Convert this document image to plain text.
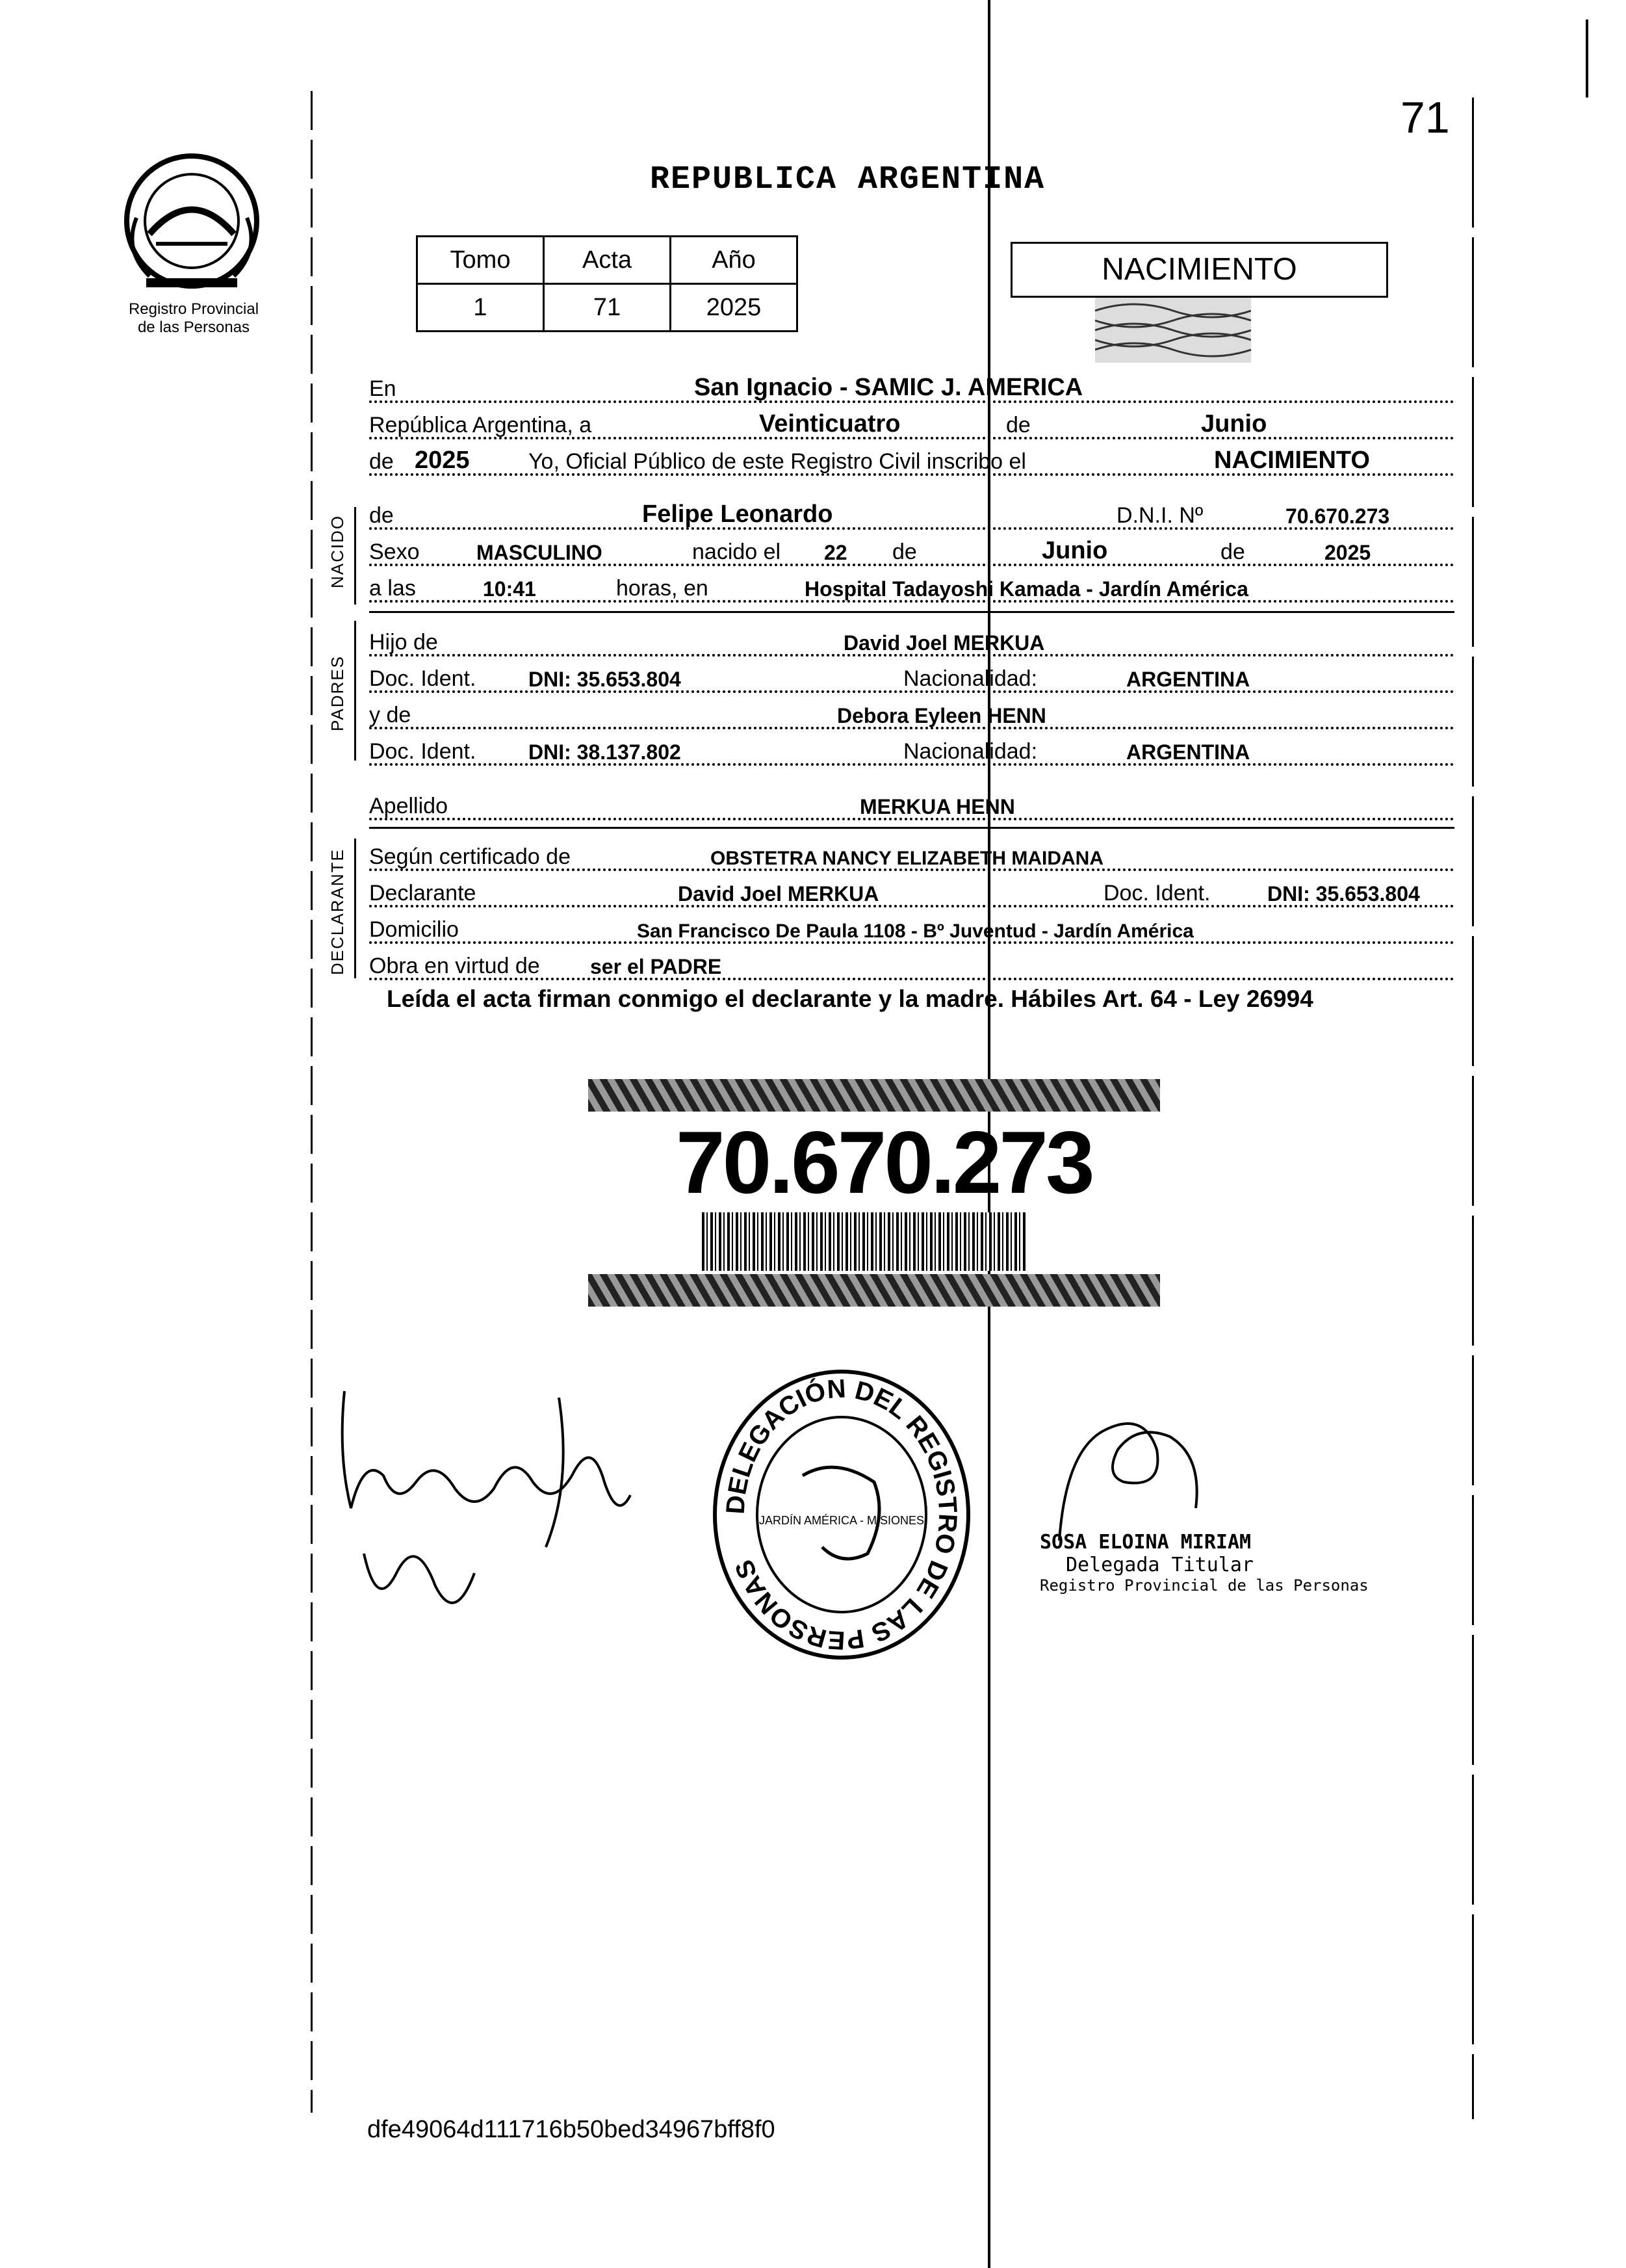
71
Registro Provincial
de las Personas
REPUBLICA ARGENTINA
Tomo	Acta	Año
1	71	2025
NACIMIENTO
En	San Ignacio - SAMIC J. AMERICA
República Argentina, a	Veinticuatro	de	Junio
de 2025	Yo, Oficial Público de este Registro Civil inscribo el	NACIMIENTO
NACIDO de	Felipe Leonardo	D.N.I. Nº	70.670.273
Sexo	MASCULINO	nacido el 22 de	Junio	de	2025
a las	10:41	horas, en	Hospital Tadayoshi Kamada - Jardín América
PADRES
Hijo de	David Joel MERKUA
Doc. Ident.	DNI: 35.653.804	Nacionalidad:	ARGENTINA
y de	Debora Eyleen HENN
Doc. Ident.	DNI: 38.137.802	Nacionalidad:	ARGENTINA
Apellido	MERKUA HENN
DECLARANTE Según certificado de	OBSTETRA NANCY ELIZABETH MAIDANA
Declarante	David Joel MERKUA	Doc. Ident.	DNI: 35.653.804
Domicilio	San Francisco De Paula 1108 - Bº Juventud - Jardín América
Obra en virtud de ser el PADRE
Leída el acta firman conmigo el declarante y la madre. Hábiles Art. 64 - Ley 26994
70.670.273
DELEGACIÓN DEL REGISTRO DE LAS PERSONAS
JARDÍN AMÉRICA - MISIONES
SOSA ELOINA MIRIAM
Delegada Titular
Registro Provincial de las Personas
dfe49064d111716b50bed34967bff8f0
